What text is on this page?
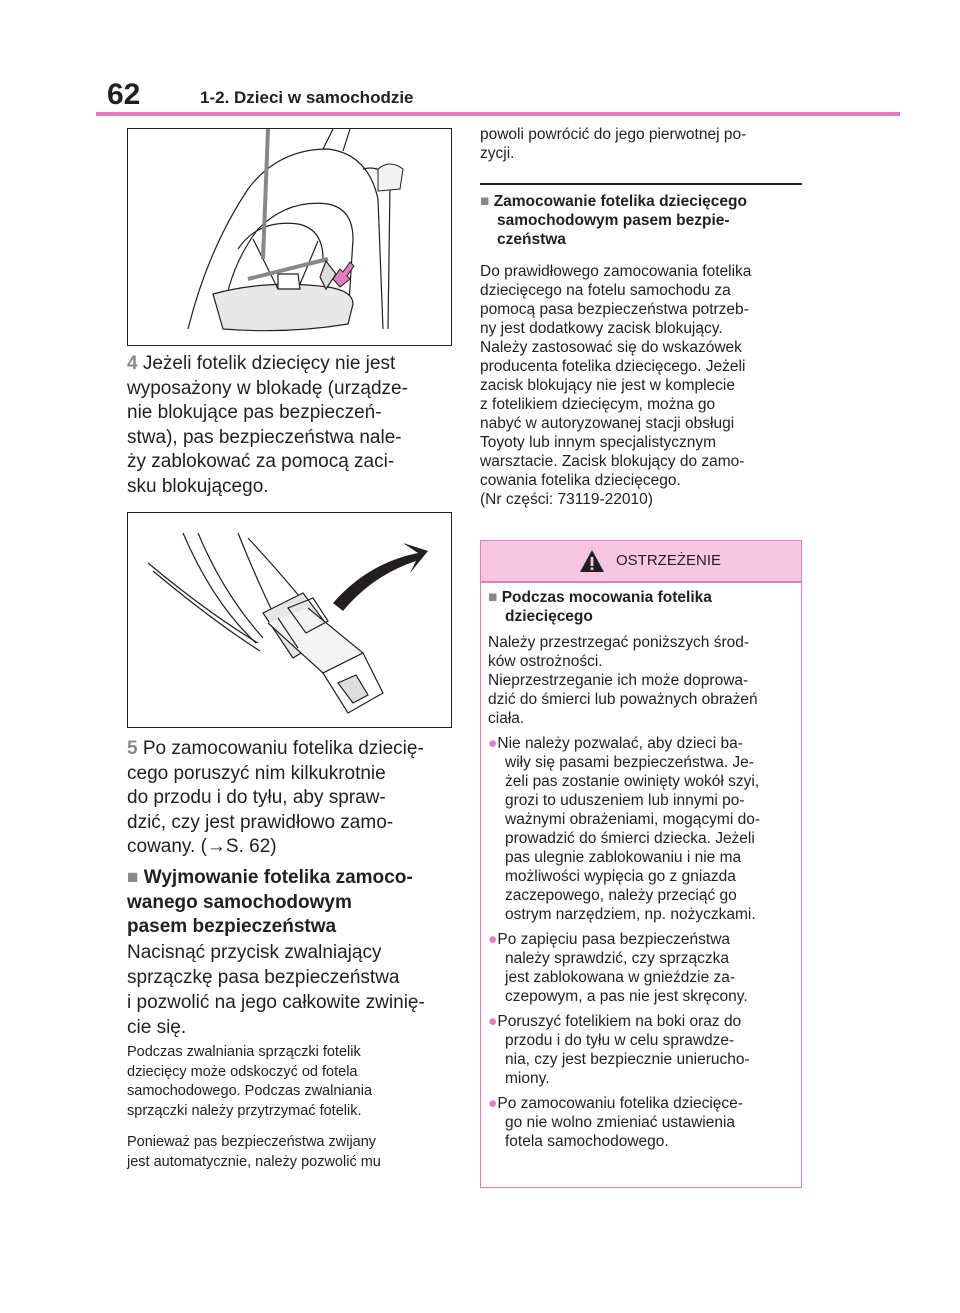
62	1-2. Dzieci w samochodzie
4 Jeżeli fotelik dziecięcy nie jest
wyposażony w blokadę (urządze-
nie blokujące pas bezpieczeń-
stwa), pas bezpieczeństwa nale-
ży zablokować za pomocą zaci-
sku blokującego.
5 Po zamocowaniu fotelika dziecię-
cego poruszyć nim kilkukrotnie
do przodu i do tyłu, aby spraw-
dzić, czy jest prawidłowo zamo-
cowany. (→S. 62)
■ Wyjmowanie fotelika zamoco-
wanego samochodowym
pasem bezpieczeństwa
Nacisnąć przycisk zwalniający
sprzączkę pasa bezpieczeństwa
i pozwolić na jego całkowite zwinię-
cie się.
Podczas zwalniania sprzączki fotelik
dziecięcy może odskoczyć od fotela
samochodowego. Podczas zwalniania
sprzączki należy przytrzymać fotelik.
Ponieważ pas bezpieczeństwa zwijany
jest automatycznie, należy pozwolić mu
powoli powrócić do jego pierwotnej po-
zycji.
■ Zamocowanie fotelika dziecięcego
samochodowym pasem bezpie-
czeństwa
Do prawidłowego zamocowania fotelika
dziecięcego na fotelu samochodu za
pomocą pasa bezpieczeństwa potrzeb-
ny jest dodatkowy zacisk blokujący.
Należy zastosować się do wskazówek
producenta fotelika dziecięcego. Jeżeli
zacisk blokujący nie jest w komplecie
z fotelikiem dziecięcym, można go
nabyć w autoryzowanej stacji obsługi
Toyoty lub innym specjalistycznym
warsztacie. Zacisk blokujący do zamo-
cowania fotelika dziecięcego.
(Nr części: 73119-22010)
OSTRZEŻENIE

■ Podczas mocowania fotelika

dziecięcego

Należy przestrzegać poniższych środ-

ków ostrożności.

Nieprzestrzeganie ich może doprowa-

dzić do śmierci lub poważnych obrażeń

ciała.

●Nie należy pozwalać, aby dzieci ba-

wiły się pasami bezpieczeństwa. Je-

żeli pas zostanie owinięty wokół szyi,

grozi to uduszeniem lub innymi po-

ważnymi obrażeniami, mogącymi do-

prowadzić do śmierci dziecka. Jeżeli

pas ulegnie zablokowaniu i nie ma

możliwości wypięcia go z gniazda

zaczepowego, należy przeciąć go

ostrym narzędziem, np. nożyczkami.

●Po zapięciu pasa bezpieczeństwa

należy sprawdzić, czy sprzączka

jest zablokowana w gnieździe za-

czepowym, a pas nie jest skręcony.

●Poruszyć fotelikiem na boki oraz do

przodu i do tyłu w celu sprawdze-

nia, czy jest bezpiecznie unierucho-

miony.

●Po zamocowaniu fotelika dziecięce-

go nie wolno zmieniać ustawienia

fotela samochodowego.
